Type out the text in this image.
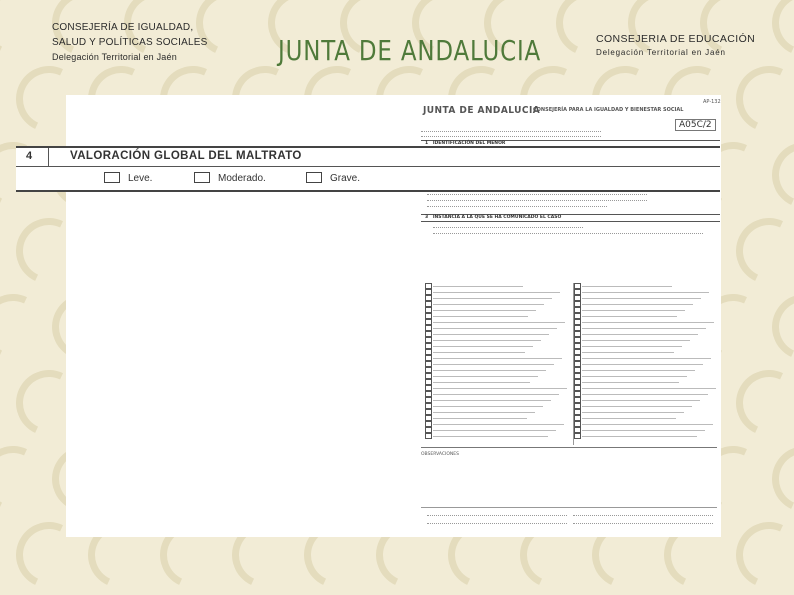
CONSEJERÍA DE IGUALDAD,
SALUD Y POLÍTICAS SOCIALES
Delegación Territorial en Jaén	JUNTA DE ANDALUCIA	CONSEJERIA DE EDUCACIÓN
Delegación Territorial en Jaén
AP-132
JUNTA DE ANDALUCIA
CONSEJERÍA PARA LA IGUALDAD Y BIENESTAR SOCIAL
A05C/2
1 IDENTIFICACIÓN DEL MENOR

3 INSTANCIA A LA QUE SE HA COMUNICADO EL CASO
OBSERVACIONES
4	VALORACIÓN GLOBAL DEL MALTRATO
Leve.	Moderado.	Grave.
